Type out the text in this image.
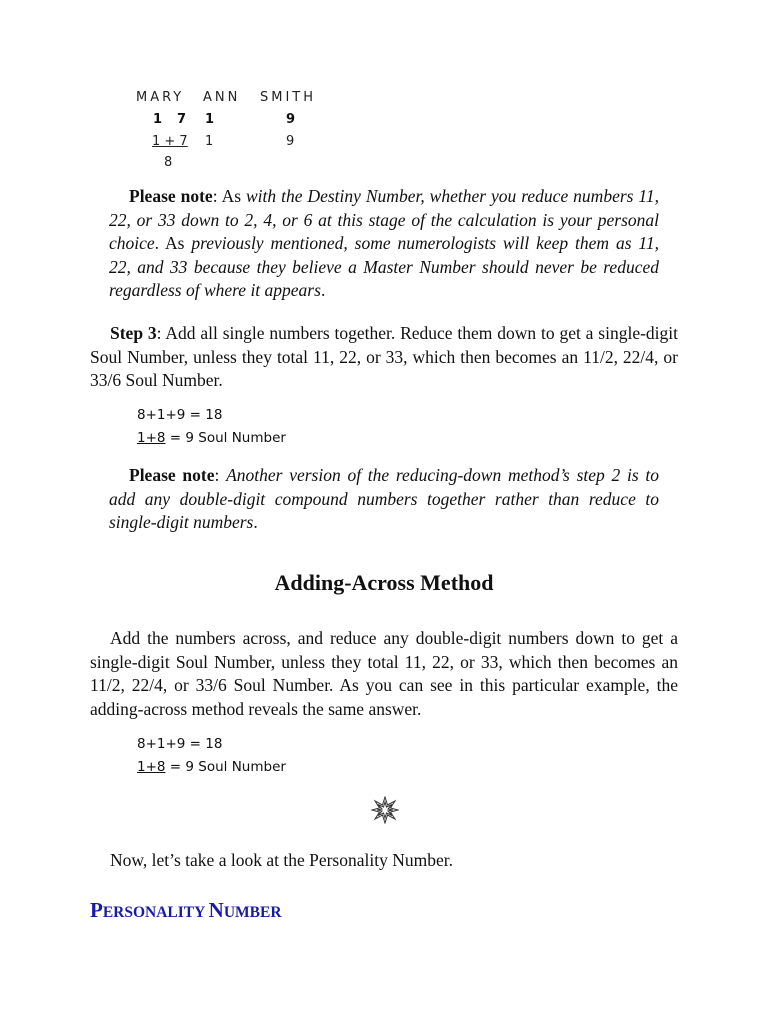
MARY ANN SMITH
1 7 1	9
1 + 7 1	9
8
Please note: As with the Destiny Number, whether you reduce numbers 11, 22, or 33 down to 2, 4, or 6 at this stage of the calculation is your personal choice. As previously mentioned, some numerologists will keep them as 11, 22, and 33 because they believe a Master Number should never be reduced regardless of where it appears.
Step 3: Add all single numbers together. Reduce them down to get a single-digit Soul Number, unless they total 11, 22, or 33, which then becomes an 11/2, 22/4, or 33/6 Soul Number.
8+1+9 = 18
1+8 = 9 Soul Number
Please note: Another version of the reducing-down method’s step 2 is to add any double-digit compound numbers together rather than reduce to single-digit numbers.
Adding-Across Method
Add the numbers across, and reduce any double-digit numbers down to get a single-digit Soul Number, unless they total 11, 22, or 33, which then becomes an 11/2, 22/4, or 33/6 Soul Number. As you can see in this particular example, the adding-across method reveals the same answer.
8+1+9 = 18
1+8 = 9 Soul Number
Now, let’s take a look at the Personality Number.
PERSONALITY NUMBER
